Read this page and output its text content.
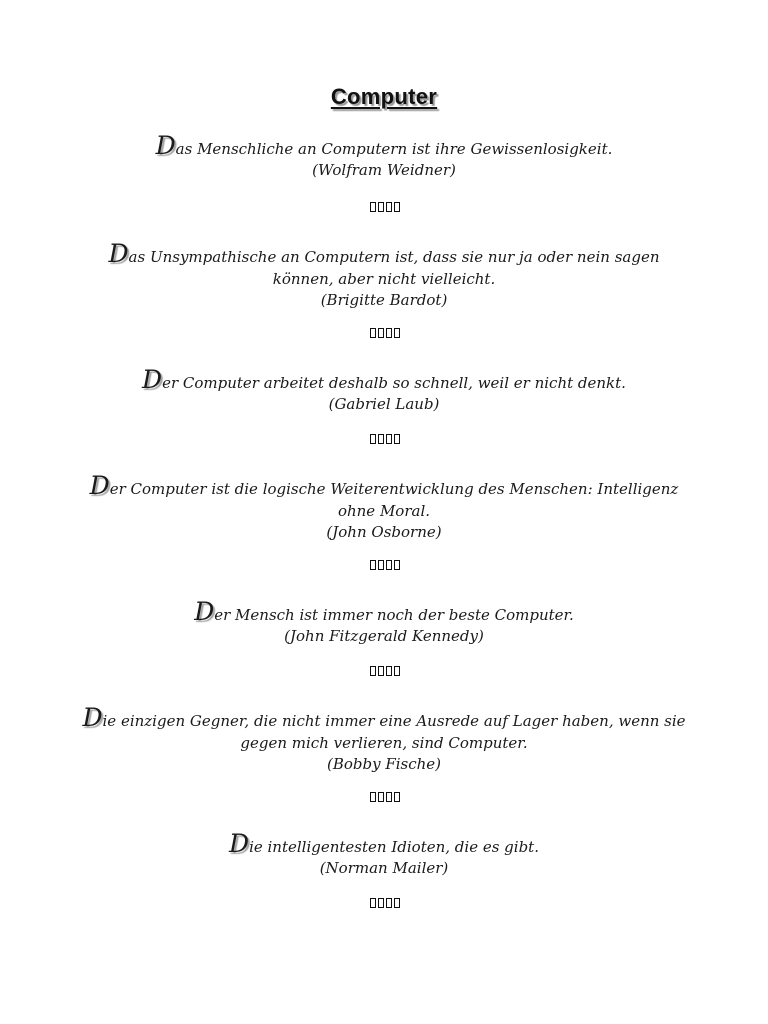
Computer

Das Menschliche an Computern ist ihre Gewissenlosigkeit.

(Wolfram Weidner)

Das Unsympathische an Computern ist, dass sie nur ja oder nein sagen können, aber nicht vielleicht.

(Brigitte Bardot)

Der Computer arbeitet deshalb so schnell, weil er nicht denkt.

(Gabriel Laub)

Der Computer ist die logische Weiterentwicklung des Menschen: Intelligenz ohne Moral.

(John Osborne)

Der Mensch ist immer noch der beste Computer.

(John Fitzgerald Kennedy)

Die einzigen Gegner, die nicht immer eine Ausrede auf Lager haben, wenn sie gegen mich verlieren, sind Computer.

(Bobby Fische)

Die intelligentesten Idioten, die es gibt.

(Norman Mailer)
